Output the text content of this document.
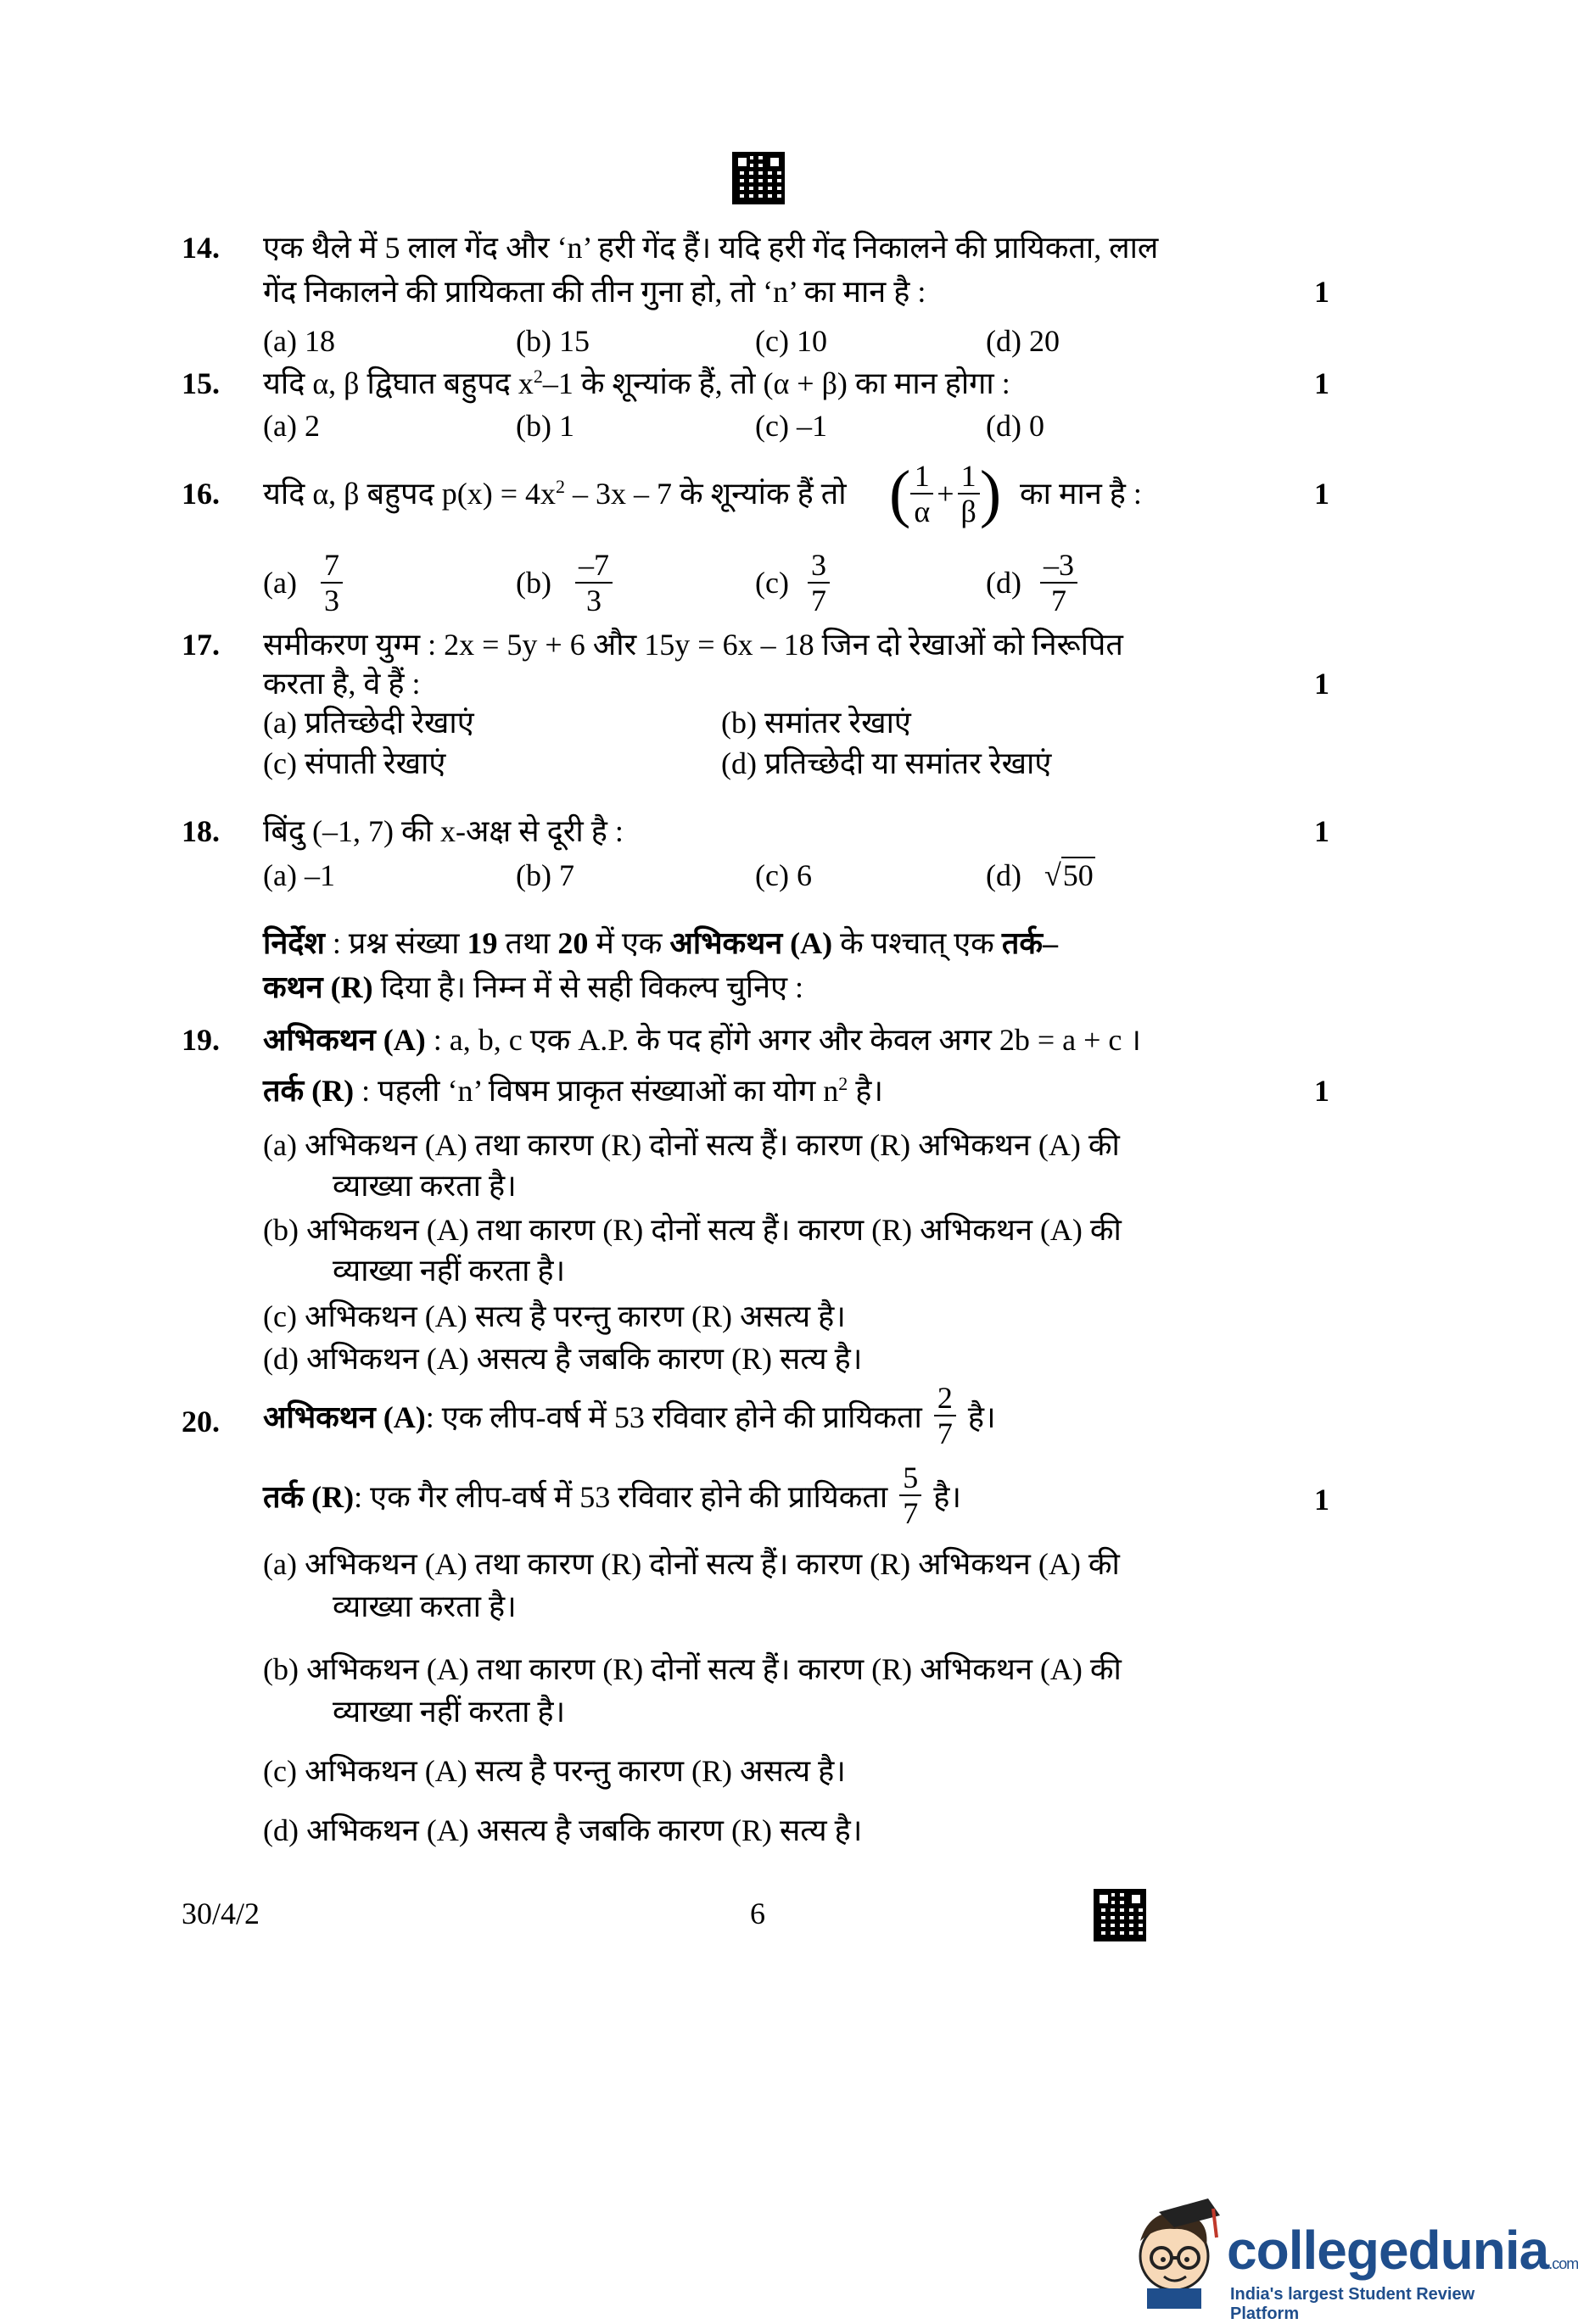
14. एक थैले में 5 लाल गेंद और ‘n’ हरी गेंद हैं। यदि हरी गेंद निकालने की प्रायिकता, लाल
गेंद निकालने की प्रायिकता की तीन गुना हो, तो ‘n’ का मान है :	1
(a) 18	(b) 15	(c) 10	(d) 20
15. यदि α, β द्विघात बहुपद $x^2-1$ के शून्यांक हैं, तो (α + β) का मान होगा :	1
(a) 2	(b) 1	(c) –1	(d) 0
16. यदि α, β बहुपद $p(x) = 4x^2 - 3x - 7$ के शून्यांक हैं तो ( $\frac{1}{\alpha} + \frac{1}{\beta}$ ) का मान है :	1
$(a) \frac{7}{3}$	$(b) \frac{-7}{3}$	$(c) \frac{3}{7}$	$(d) \frac{-3}{7}$
17. समीकरण युग्म : 2x = 5y + 6 और 15y = 6x – 18 जिन दो रेखाओं को निरूपित
करता है, वे हैं :	1
(a) प्रतिच्छेदी रेखाएं	(b) समांतर रेखाएं
(c) संपाती रेखाएं	(d) प्रतिच्छेदी या समांतर रेखाएं
18. बिंदु (–1, 7) की x-अक्ष से दूरी है :	1
(a) –1	(b) 7	(c) 6	(d) √50
निर्देश : प्रश्न संख्या 19 तथा 20 में एक अभिकथन (A) के पश्चात् एक तर्क–
कथन (R) दिया है। निम्न में से सही विकल्प चुनिए :
19. अभिकथन (A) : a, b, c एक A.P. के पद होंगे अगर और केवल अगर 2b = a + c ।
तर्क (R) : पहली ‘n’ विषम प्राकृत संख्याओं का योग $n^2$ है।	1
(a) अभिकथन (A) तथा कारण (R) दोनों सत्य हैं। कारण (R) अभिकथन (A) की
व्याख्या करता है।
(b) अभिकथन (A) तथा कारण (R) दोनों सत्य हैं। कारण (R) अभिकथन (A) की
व्याख्या नहीं करता है।
(c) अभिकथन (A) सत्य है परन्तु कारण (R) असत्य है।
(d) अभिकथन (A) असत्य है जबकि कारण (R) सत्य है।
20. अभिकथन (A) : एक लीप-वर्ष में 53 रविवार होने की प्रायिकता $\frac{2}{7}$ है।
तर्क (R) : एक गैर लीप-वर्ष में 53 रविवार होने की प्रायिकता $\frac{5}{7}$ है।	1
(a) अभिकथन (A) तथा कारण (R) दोनों सत्य हैं। कारण (R) अभिकथन (A) की
व्याख्या करता है।
(b) अभिकथन (A) तथा कारण (R) दोनों सत्य हैं। कारण (R) अभिकथन (A) की
व्याख्या नहीं करता है।
(c) अभिकथन (A) सत्य है परन्तु कारण (R) असत्य है।
(d) अभिकथन (A) असत्य है जबकि कारण (R) सत्य है।
30/4/2	6
collegedunia.com
India's largest Student Review Platform
